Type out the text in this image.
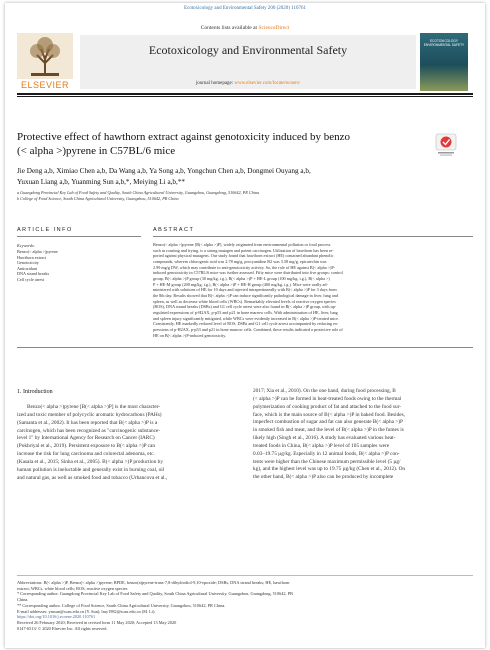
Ecotoxicology and Environmental Safety 200 (2020) 110761
Contents lists available at ScienceDirect
ELSEVIER
Ecotoxicology and Environmental Safety
journal homepage: www.elsevier.com/locate/ecoenv
ECOTOXICOLOGY ENVIRONMENTAL SAFETY
Protective effect of hawthorn extract against genotoxicity induced by benzo
(< alpha >)pyrene in C57BL/6 mice
Jie Deng a,b, Ximiao Chen a,b, Da Wang a,b, Ya Song a,b, Yongchun Chen a,b, Dongmei Ouyang a,b,
Yuxuan Liang a,b, Yuanming Sun a,b,*, Meiying Li a,b,**
a Guangdong Provincial Key Lab of Food Safety and Quality, South China Agricultural University, Guangzhou, Guangdong, 510642, PR China
b College of Food Science, South China Agricultural University, Guangzhou, 510642, PR China
ARTICLE INFO	ABSTRACT
Keywords:
Benzo(< alpha >)pyrene
Hawthorn extract
Genotoxicity
Antioxidant
DNA strand breaks
Cell cycle arrest
Benzo(< alpha >)pyrene [B(< alpha >)P], widely originated from environmental pollution or food process
such as roasting and frying, is a strong mutagen and potent carcinogen. Utilization of hawthorn has been re-
ported against physical mutagens. Our study found that hawthorn extract (HE) contained abundant phenolic
compounds, wherein chlorogenic acid was 2.78 mg/g, procyanidine B2 was 3.58 mg/g, epicatechin was
2.99 mg/g DW, which may contribute to anti-genotoxicity activity. So, the role of HE against B(< alpha >)P-
induced genotoxicity in C57BL/6 mice was further assessed. Fifty mice were distributed into five groups: control
group, B(< alpha >)P group (30 mg/kg, i.g.), B(< alpha >)P + HE-L group (100 mg/kg, i.g.), B(< alpha >)
P + HE-M group (200 mg/kg, i.g.), B(< alpha >)P + HE-H group (400 mg/kg, i.g.). Mice were orally ad-
ministered with solutions of HE for 10 days and injected intraperitoneally with B(< alpha >)P for 3 days from
the 8th day. Results showed that B(< alpha >)P can induce significantly pathological damage in liver, lung and
spleen, as well as decrease white blood cells (WBCs). Remarkably elevated levels of reactive oxygen species
(ROS), DNA strand breaks (DSBs) and G1 cell cycle arrest were also found in B(< alpha >)P group, with up-
regulated expressions of p-H2AX, p-p53 and p21 in bone marrow cells. With administration of HE, liver, lung
and spleen injury significantly mitigated, while WBCs were evidently increased in B(< alpha >)P-treated mice.
Consistently, HE markedly reduced level of ROS, DSBs and G1 cell cycle arrest accompanied by reducing ex-
pressions of p-H2AX, p-p53 and p21 in bone marrow cells. Combined, these results indicated a protective role of
HE on B(< alpha >)P-induced genotoxicity.
1. Introduction
Benzo(< alpha >)pyrene [B(< alpha >)P] is the most character-
ized and toxic member of polycyclic aromatic hydrocarbons (PAHs)
(Samanta et al., 2002). It has been reported that B(< alpha >)P is a
carcinogen, which has been recognized as "carcinogenic substance-
level 1" by International Agency for Research on Cancer (IARC)
(Pokhriyal et al., 2019). Persistent exposure to B(< alpha >)P can
increase the risk for lung carcinoma and colorectal adenoma, etc.
(Kasala et al., 2015; Sinha et al., 2005). B(< alpha >)P production by
human pollution is ineluctable and generally exist in burning coal, oil
and natural gas, as well as smoked food and tobacco (Urbancova et al.,
2017; Xia et al., 2010). On the one hand, during food processing, B
(< alpha >)P can be formed in heat-treated foods owing to the thermal
polymerization of cooking product of fat and attached to the food sur-
face, which is the main source of B(< alpha >)P in baked food. Besides,
imperfect combustion of sugar and fat can also generate B(< alpha >)P
in smoked fish and meat, and the level of B(< alpha >)P in the fumes is
likely high (Singh et al., 2016). A study has evaluated various heat-
treated foods in China, B(< alpha >)P level of 105 samples were
0.03–19.75 µg/kg. Especially in 12 animal foods, B(< alpha >)P con-
tents were higher than the Chinese maximum permissible level (5 µg/
kg), and the highest level was up to 19.75 µg/kg (Chen et al., 2012). On
the other hand, B(< alpha >)P also can be produced by incomplete
Abbreviations: B(< alpha >)P, Benzo(< alpha >)pyrene; BPDE, benzo(a)pyrene-trans-7,8-dihydrodiol-9,10-epoxide; DSBs, DNA strand breaks; HE, hawthorn
extract; WBCs, white blood cells; ROS, reactive oxygen species
* Corresponding author. Guangdong Provincial Key Lab of Food Safety and Quality, South China Agricultural University, Guangzhou, Guangdong, 510642, PR
China.
** Corresponding author. College of Food Science, South China Agricultural University, Guangzhou, 510642, PR China.
E-mail addresses: ymsun@scau.edu.cn (Y. Sun), lmy1982@scau.edu.cn (M. Li).
https://doi.org/10.1016/j.ecoenv.2020.110761
Received 26 February 2020; Received in revised form 11 May 2020; Accepted 13 May 2020
0147-6513/ © 2020 Elsevier Inc. All rights reserved.
